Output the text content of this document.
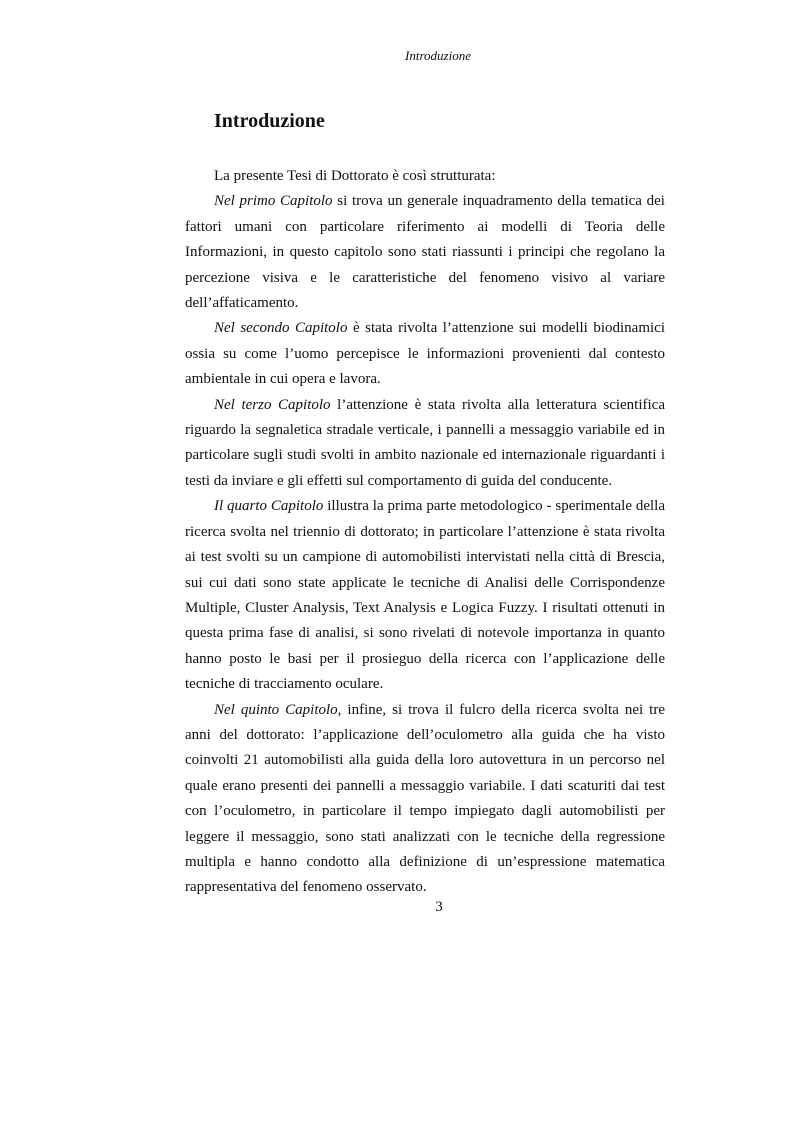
Introduzione
Introduzione

La presente Tesi di Dottorato è così strutturata:

Nel primo Capitolo si trova un generale inquadramento della tematica dei fattori umani con particolare riferimento ai modelli di Teoria delle Informazioni, in questo capitolo sono stati riassunti i principi che regolano la percezione visiva e le caratteristiche del fenomeno visivo al variare dell’affaticamento.

Nel secondo Capitolo è stata rivolta l’attenzione sui modelli biodinamici ossia su come l’uomo percepisce le informazioni provenienti dal contesto ambientale in cui opera e lavora.

Nel terzo Capitolo l’attenzione è stata rivolta alla letteratura scientifica riguardo la segnaletica stradale verticale, i pannelli a messaggio variabile ed in particolare sugli studi svolti in ambito nazionale ed internazionale riguardanti i testi da inviare e gli effetti sul comportamento di guida del conducente.

Il quarto Capitolo illustra la prima parte metodologico - sperimentale della ricerca svolta nel triennio di dottorato; in particolare l’attenzione è stata rivolta ai test svolti su un campione di automobilisti intervistati nella città di Brescia, sui cui dati sono state applicate le tecniche di Analisi delle Corrispondenze Multiple, Cluster Analysis, Text Analysis e Logica Fuzzy. I risultati ottenuti in questa prima fase di analisi, si sono rivelati di notevole importanza in quanto hanno posto le basi per il prosieguo della ricerca con l’applicazione delle tecniche di tracciamento oculare.

Nel quinto Capitolo, infine, si trova il fulcro della ricerca svolta nei tre anni del dottorato: l’applicazione dell’oculometro alla guida che ha visto coinvolti 21 automobilisti alla guida della loro autovettura in un percorso nel quale erano presenti dei pannelli a messaggio variabile. I dati scaturiti dai test con l’oculometro, in particolare il tempo impiegato dagli automobilisti per leggere il messaggio, sono stati analizzati con le tecniche della regressione multipla e hanno condotto alla definizione di un’espressione matematica rappresentativa del fenomeno osservato.

3
